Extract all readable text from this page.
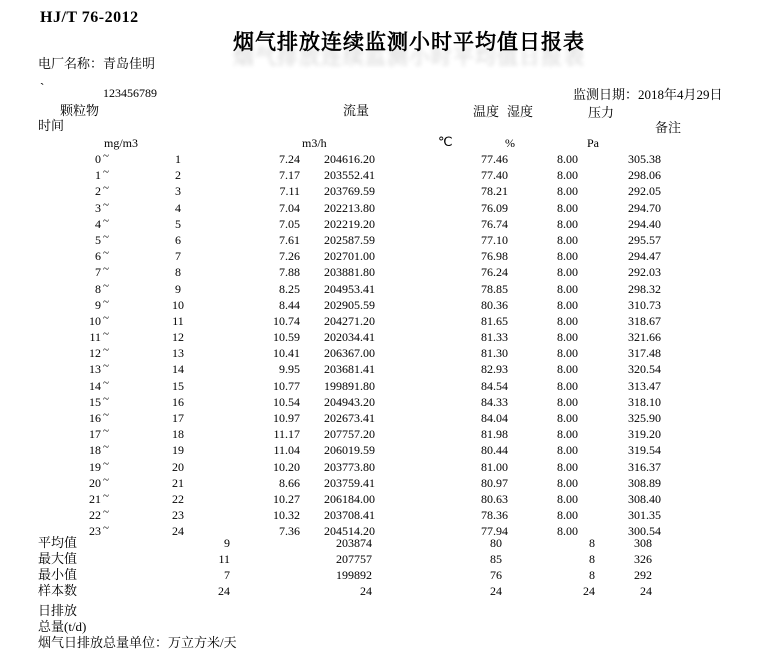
HJ/T 76-2012
烟气排放连续监测小时平均值日报表
电厂名称：青岛佳明
`	123456789	监测日期：2018年4月29日
颗粒物
时间
流量	温度 湿度	压力
备注
mg/m3	m3/h	℃	%	Pa
0 ~	1	7.24	204616.20	77.46	8.00	305.38
1 ~	2	7.17	203552.41	77.40	8.00	298.06
2 ~	3	7.11	203769.59	78.21	8.00	292.05
3 ~	4	7.04	202213.80	76.09	8.00	294.70
4 ~	5	7.05	202219.20	76.74	8.00	294.40
5 ~	6	7.61	202587.59	77.10	8.00	295.57
6 ~	7	7.26	202701.00	76.98	8.00	294.47
7 ~	8	7.88	203881.80	76.24	8.00	292.03
8 ~	9	8.25	204953.41	78.85	8.00	298.32
9 ~	10	8.44	202905.59	80.36	8.00	310.73
10 ~	11	10.74	204271.20	81.65	8.00	318.67
11 ~	12	10.59	202034.41	81.33	8.00	321.66
12 ~	13	10.41	206367.00	81.30	8.00	317.48
13 ~	14	9.95	203681.41	82.93	8.00	320.54
14 ~	15	10.77	199891.80	84.54	8.00	313.47
15 ~	16	10.54	204943.20	84.33	8.00	318.10
16 ~	17	10.97	202673.41	84.04	8.00	325.90
17 ~	18	11.17	207757.20	81.98	8.00	319.20
18 ~	19	11.04	206019.59	80.44	8.00	319.54
19 ~	20	10.20	203773.80	81.00	8.00	316.37
20 ~	21	8.66	203759.41	80.97	8.00	308.89
21 ~	22	10.27	206184.00	80.63	8.00	308.40
22 ~	23	10.32	203708.41	78.36	8.00	301.35
23 ~	24	7.36	204514.20	77.94	8.00	300.54
平均值	9	203874	80	8	308
最大值	11	207757	85	8	326
最小值	7	199892	76	8	292
样本数	24	24	24	24	24
日排放
总量(t/d)
烟气日排放总量单位：万立方米/天
